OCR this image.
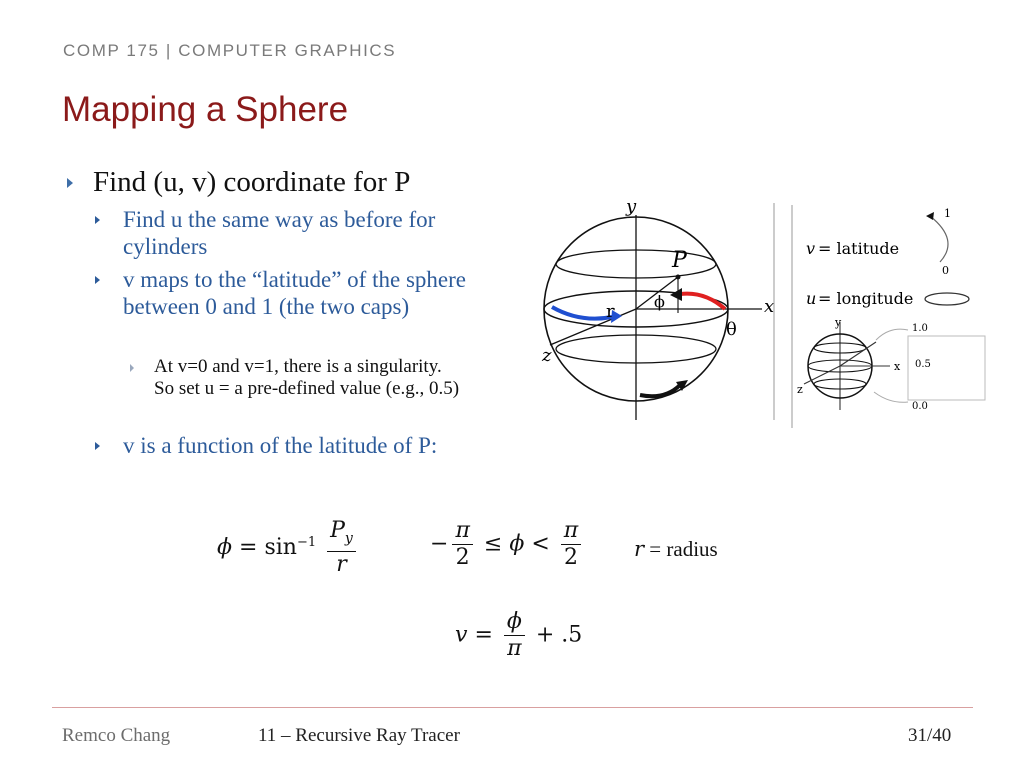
COMP 175 | COMPUTER GRAPHICS
Mapping a Sphere
Find (u, v) coordinate for P
Find u the same way as before for cylinders
v maps to the “latitude” of the sphere between 0 and 1 (the two caps)
At v=0 and v=1, there is a singularity. So set u = a pre-defined value (e.g., 0.5)
v is a function of the latitude of P:
y
P
x
z
r ϕ
θ
v = latitude
u = longitude
1
0
y
x
z
1.0
0.5
0.0
$\phi = \sin^{-1} \frac{P_y}{r}$	− $\frac{\pi}{2} \le \phi < \frac{\pi}{2}$	r = radius
$v = \frac{\phi}{\pi} + .5$
Remco Chang	11 – Recursive Ray Tracer	31/40
